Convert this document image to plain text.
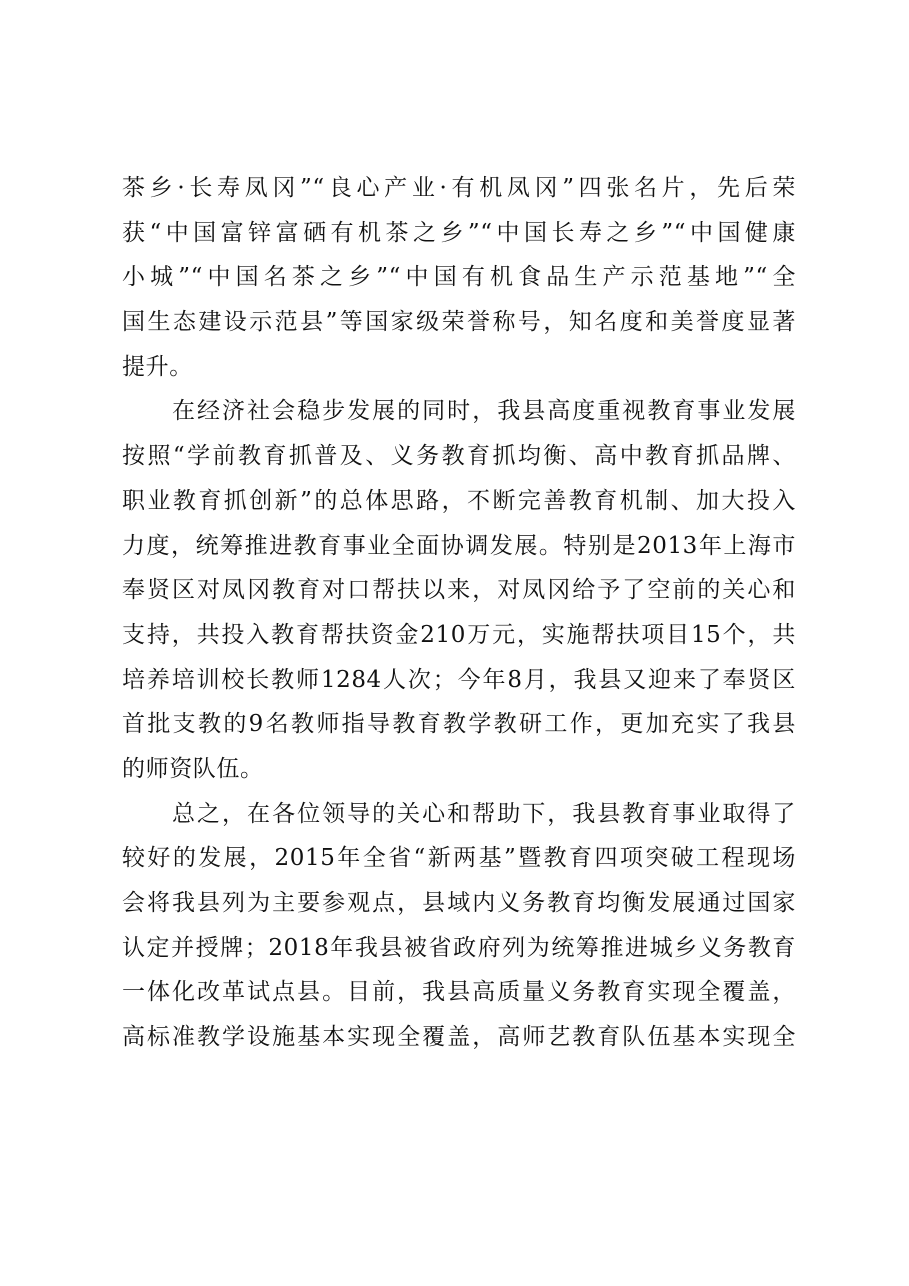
茶乡·长寿凤冈”“良心产业·有机凤冈”四张名片，先后荣
获“中国富锌富硒有机茶之乡”“中国长寿之乡”“中国健康
小城”“中国名茶之乡”“中国有机食品生产示范基地”“全
国生态建设示范县”等国家级荣誉称号，知名度和美誉度显著
提升。
在经济社会稳步发展的同时，我县高度重视教育事业发展
按照“学前教育抓普及、义务教育抓均衡、高中教育抓品牌、
职业教育抓创新”的总体思路，不断完善教育机制、加大投入
力度，统筹推进教育事业全面协调发展。特别是2013年上海市
奉贤区对凤冈教育对口帮扶以来，对凤冈给予了空前的关心和
支持，共投入教育帮扶资金210万元，实施帮扶项目15个，共
培养培训校长教师1284人次；今年8月，我县又迎来了奉贤区
首批支教的9名教师指导教育教学教研工作，更加充实了我县
的师资队伍。
总之，在各位领导的关心和帮助下，我县教育事业取得了
较好的发展，2015年全省“新两基”暨教育四项突破工程现场
会将我县列为主要参观点，县域内义务教育均衡发展通过国家
认定并授牌；2018年我县被省政府列为统筹推进城乡义务教育
一体化改革试点县。目前，我县高质量义务教育实现全覆盖，
高标准教学设施基本实现全覆盖，高师艺教育队伍基本实现全
